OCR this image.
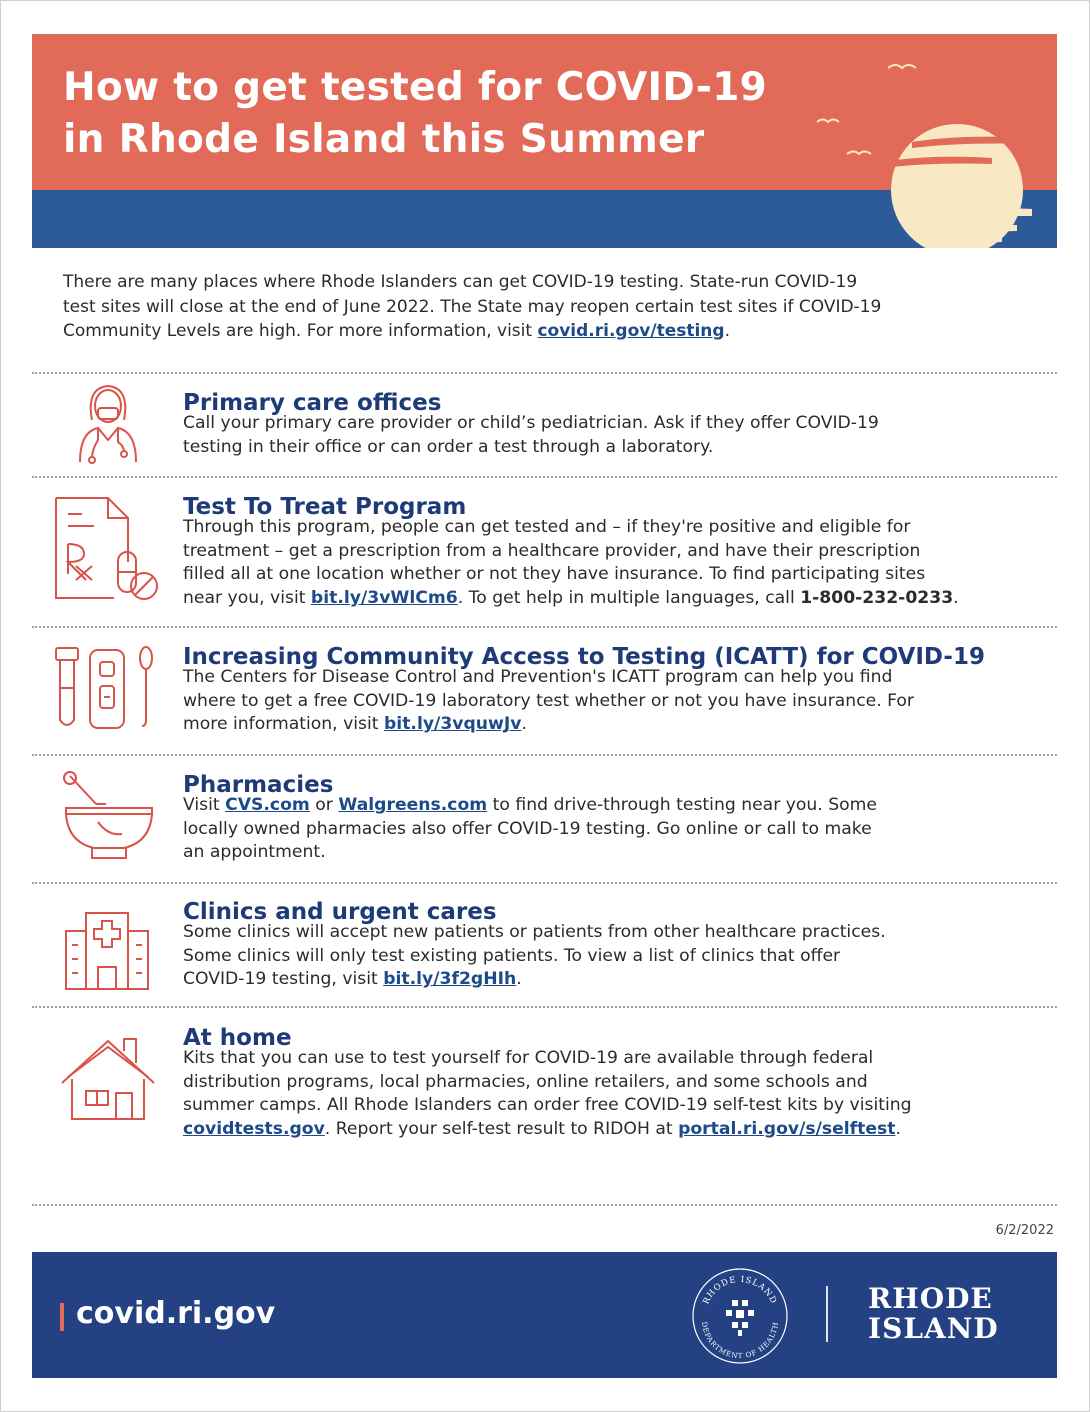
How to get tested for COVID-19
in Rhode Island this Summer
There are many places where Rhode Islanders can get COVID-19 testing. State-run COVID-19
test sites will close at the end of June 2022. The State may reopen certain test sites if COVID-19
Community Levels are high. For more information, visit covid.ri.gov/testing.
Primary care offices
Call your primary care provider or child’s pediatrician. Ask if they offer COVID-19
testing in their office or can order a test through a laboratory.
Test To Treat Program
Through this program, people can get tested and – if they're positive and eligible for
treatment – get a prescription from a healthcare provider, and have their prescription
filled all at one location whether or not they have insurance. To find participating sites
near you, visit bit.ly/3vWlCm6. To get help in multiple languages, call 1-800-232-0233.
Increasing Community Access to Testing (ICATT) for COVID-19
The Centers for Disease Control and Prevention's ICATT program can help you find
where to get a free COVID-19 laboratory test whether or not you have insurance. For
more information, visit bit.ly/3vquwJv.
Pharmacies
Visit CVS.com or Walgreens.com to find drive-through testing near you. Some
locally owned pharmacies also offer COVID-19 testing. Go online or call to make
an appointment.
Clinics and urgent cares
Some clinics will accept new patients or patients from other healthcare practices.
Some clinics will only test existing patients. To view a list of clinics that offer
COVID-19 testing, visit bit.ly/3f2gHIh.
At home
Kits that you can use to test yourself for COVID-19 are available through federal
distribution programs, local pharmacies, online retailers, and some schools and
summer camps. All Rhode Islanders can order free COVID-19 self-test kits by visiting
covidtests.gov. Report your self-test result to RIDOH at portal.ri.gov/s/selftest.
6/2/2022
covid.ri.gov	RHODE ISLAND
DEPARTMENT OF HEALTH
RHODE
ISLAND
